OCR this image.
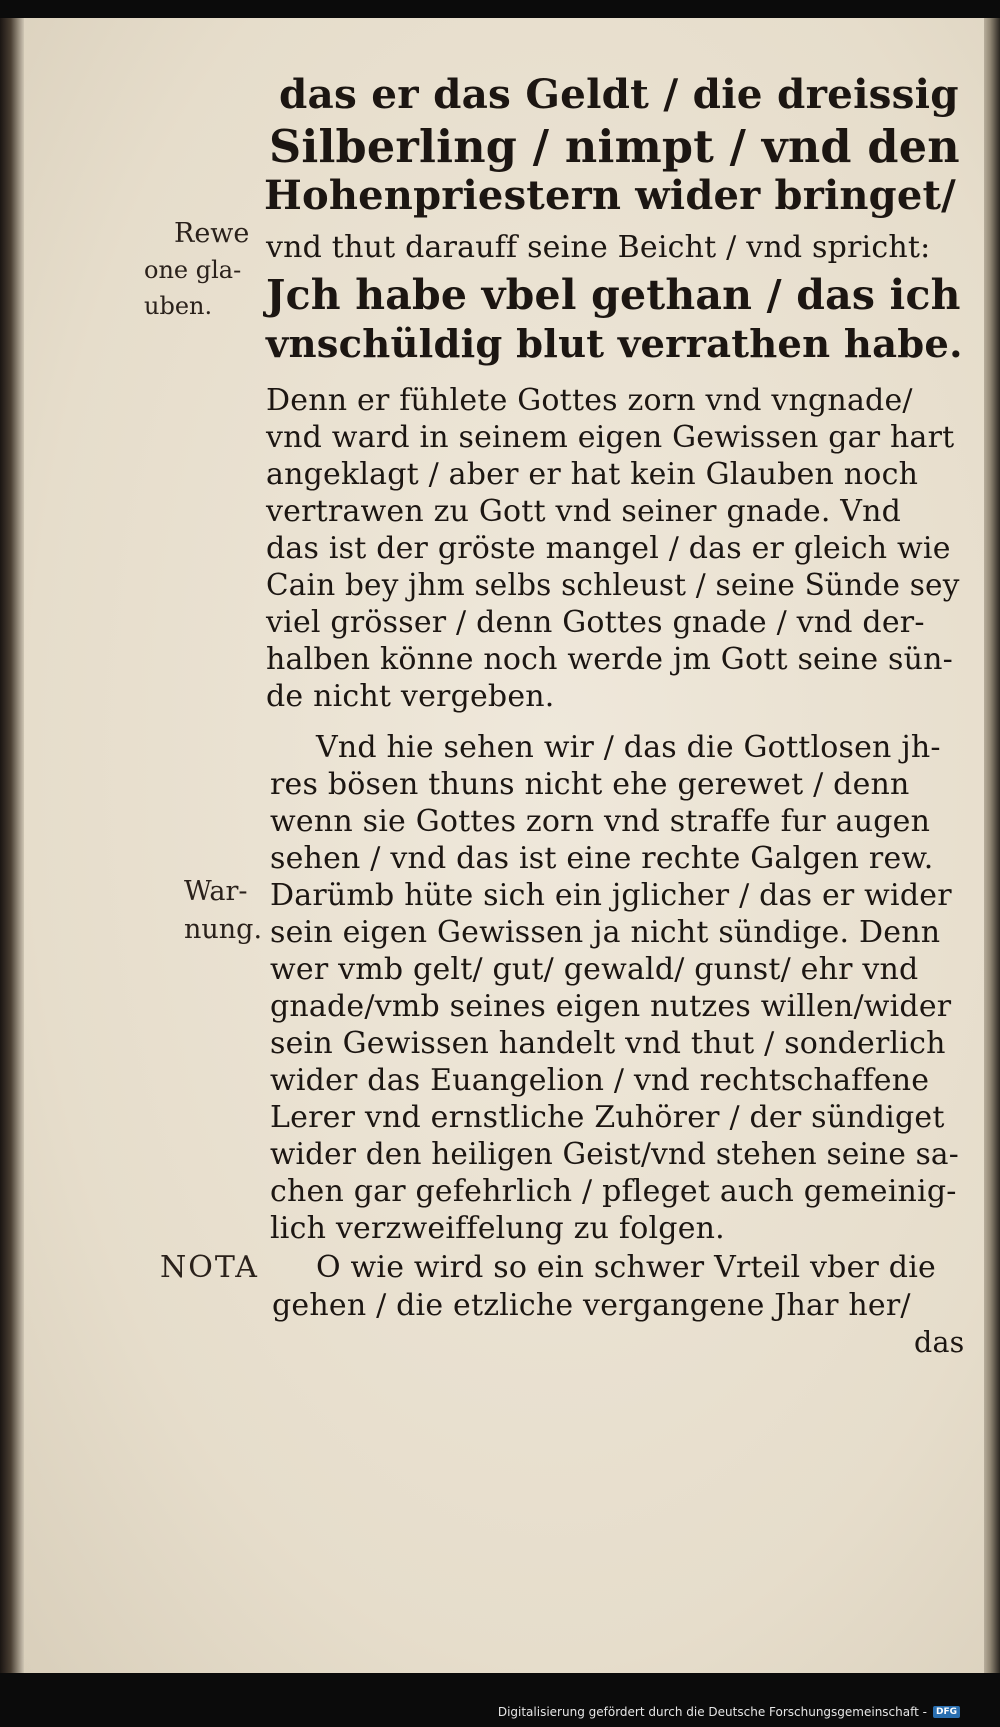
das er das Geldt / die dreissig
Silberling / nimpt / vnd den
Hohenpriestern wider bringet/
vnd thut darauff seine Beicht / vnd spricht:
Jch habe vbel gethan / das ich
vnschüldig blut verrathen habe.
Denn er fühlete Gottes zorn vnd vngnade/
vnd ward in seinem eigen Gewissen gar hart
angeklagt / aber er hat kein Glauben noch
vertrawen zu Gott vnd seiner gnade. Vnd
das ist der gröste mangel / das er gleich wie
Cain bey jhm selbs schleust / seine Sünde sey
viel grösser / denn Gottes gnade / vnd der-
halben könne noch werde jm Gott seine sün-
de nicht vergeben.
Vnd hie sehen wir / das die Gottlosen jh-
res bösen thuns nicht ehe gerewet / denn
wenn sie Gottes zorn vnd straffe fur augen
sehen / vnd das ist eine rechte Galgen rew.
Darümb hüte sich ein jglicher / das er wider
sein eigen Gewissen ja nicht sündige. Denn
wer vmb gelt/ gut/ gewald/ gunst/ ehr vnd
gnade/vmb seines eigen nutzes willen/wider
sein Gewissen handelt vnd thut / sonderlich
wider das Euangelion / vnd rechtschaffene
Lerer vnd ernstliche Zuhörer / der sündiget
wider den heiligen Geist/vnd stehen seine sa-
chen gar gefehrlich / pfleget auch gemeinig-
lich verzweiffelung zu folgen.
O wie wird so ein schwer Vrteil vber die
gehen / die etzliche vergangene Jhar her/
das
Rewe
one gla-
uben.
War-
nung.
NOTA
Digitalisierung gefördert durch die Deutsche Forschungsgemeinschaft -	DFG
